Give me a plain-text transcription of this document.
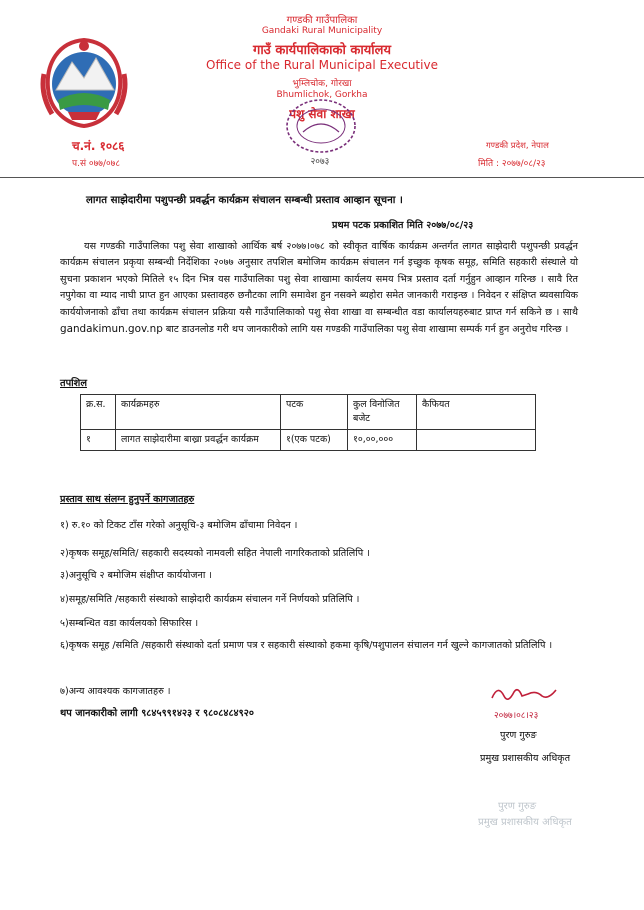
गण्डकी गाउँपालिका
Gandaki Rural Municipality
गाउँ कार्यपालिकाको कार्यालय
Office of the Rural Municipal Executive
भुम्लिचोक, गोरखा
Bhumlichok, Gorkha
पशु सेवा शाखा
२०७३
च.नं. १०८६
प.सं ०७७/०७८
गण्डकी प्रदेश, नेपाल
मिति : २०७७/०८/२३
लागत साझेदारीमा पशुपन्छी प्रवर्द्धन कार्यक्रम संचालन सम्बन्धी प्रस्ताव आव्हान सूचना ।
प्रथम पटक प्रकाशित मिति २०७७/०८/२३
यस गण्डकी गाउँपालिका पशु सेवा शाखाको आर्थिक बर्ष २०७७।०७८ को स्वीकृत वार्षिक कार्यक्रम अन्तर्गत लागत साझेदारी पशुपन्छी प्रवर्द्धन कार्यक्रम संचालन प्रकृया सम्बन्धी निर्देशिका २०७७ अनुसार तपशिल बमोजिम कार्यक्रम संचालन गर्न इच्छुक कृषक समूह, समिति सहकारी संस्थाले यो सुचना प्रकाशन भएको मितिले १५ दिन भित्र यस गाउँपालिका पशु सेवा शाखामा कार्यलय समय भित्र प्रस्ताव दर्ता गर्नुहुन आव्हान गरिन्छ । सावै रित नपुगेका वा म्याद नाघी प्राप्त हुन आएका प्रस्तावहरु छनौटका लागि समावेश हुन नसक्ने ब्यहोरा समेत जानकारी गराइन्छ । निवेदन र संक्षिप्त ब्यवसायिक कार्ययोजनाको ढाँचा तथा कार्यक्रम संचालन प्रक्रिया यसै गाउँपालिकाको पशु सेवा शाखा वा सम्बन्धीत वडा कार्यालयहरुबाट प्राप्त गर्न सकिने छ । साथै gandakimun.gov.np बाट डाउनलोड गरी थप जानकारीको लागि यस गण्डकी गाउँपालिका पशु सेवा शाखामा सम्पर्क गर्न हुन अनुरोध गरिन्छ ।
तपशिल
क्र.स.	कार्यक्रमहरु	पटक	कुल विनोजित बजेट	कैफियत
१	लागत साझेदारीमा बाख्रा प्रवर्द्धन कार्यक्रम	१(एक पटक)	१०,००,०००	
प्रस्ताव साथ संलग्न हुनुपर्ने कागजातहरु
१) रु.१० को टिकट टाँस गरेको अनुसूचि-३ बमोजिम ढाँचामा निवेदन ।
२)कृषक समूह/समिति/ सहकारी सदस्यको नामवली सहित नेपाली नागरिकताको प्रतिलिपि ।
३)अनुसूचि २ बमोजिम संक्षीप्त कार्ययोजना ।
४)समूह/समिति /सहकारी संस्थाको साझेदारी कार्यक्रम संचालन गर्ने निर्णयको प्रतिलिपि ।
५)सम्बन्धित वडा कार्यलयको सिफारिस ।
६)कृषक समूह /समिति /सहकारी संस्थाको दर्ता प्रमाण पत्र र सहकारी संस्थाको हकमा कृषि/पशुपालन संचालन गर्न खुल्ने कागजातको प्रतिलिपि ।
७)अन्य आवश्यक कागजातहरु ।
थप जानकारीको लागी ९८४५९९१४२३ र ९८०८४८४९२०	२०७७।०८।२३
पुरण गुरुङ
प्रमुख प्रशासकीय अधिकृत
पुरण गुरुङ
प्रमुख प्रशासकीय अधिकृत
